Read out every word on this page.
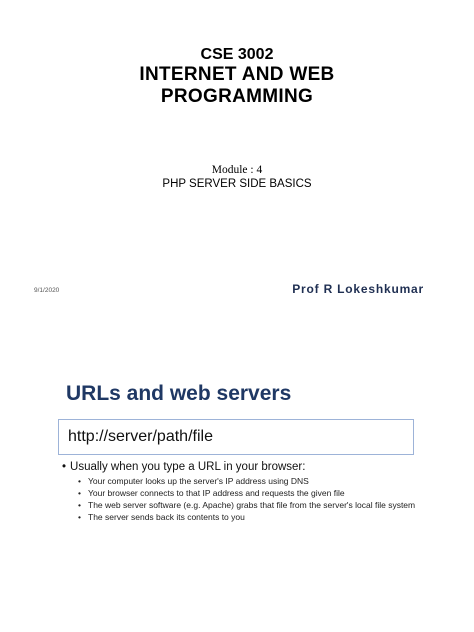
CSE 3002
INTERNET AND WEB
PROGRAMMING
Module : 4
PHP SERVER SIDE BASICS
9/1/2020	Prof R Lokeshkumar
URLs and web servers
http://server/path/file
• Usually when you type a URL in your browser:
• Your computer looks up the server's IP address using DNS
• Your browser connects to that IP address and requests the given file
• The web server software (e.g. Apache) grabs that file from the server's local file system
• The server sends back its contents to you
